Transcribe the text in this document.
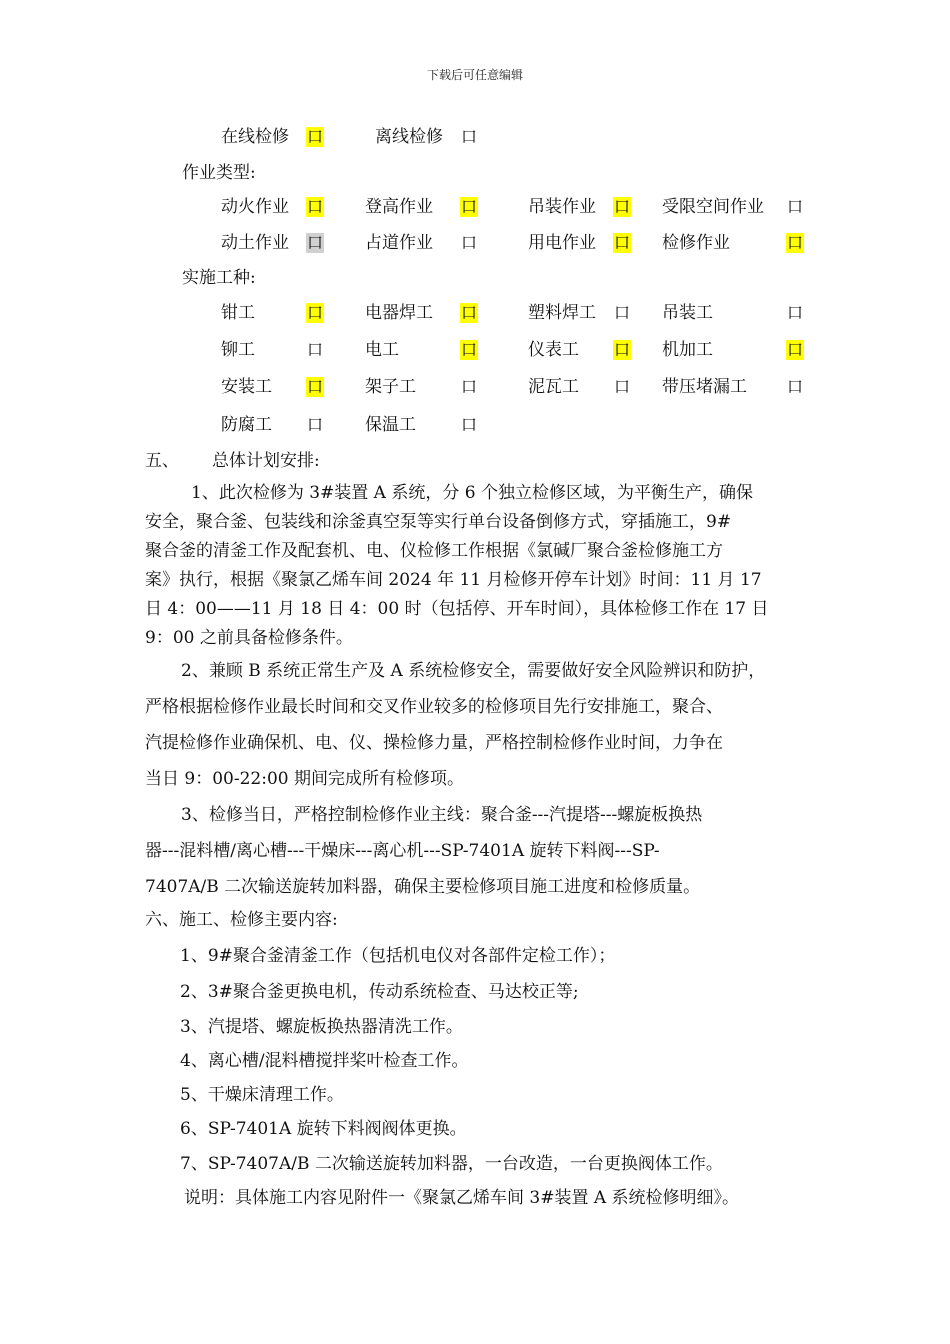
下载后可任意编辑
在线检修 口	离线检修 口
作业类型:
动火作业 口 登高作业 口	吊装作业 口 受限空间作业 口
动土作业 口 占道作业 口	用电作业 口 检修作业	口
实施工种:
钳工	口 电器焊工 口	塑料焊工 口 吊装工	口
铆工	口 电工	口	仪表工 口 机加工	口
安装工 口 架子工	口	泥瓦工 口 带压堵漏工 口
防腐工 口 保温工	口
五、 总体计划安排:
1、此次检修为 3#装置 A 系统，分 6 个独立检修区域，为平衡生产，确保
安全，聚合釜、包装线和涂釜真空泵等实行单台设备倒修方式，穿插施工，9#
聚合釜的清釜工作及配套机、电、仪检修工作根据《氯碱厂聚合釜检修施工方
案》执行，根据《聚氯乙烯车间 2024 年 11 月检修开停车计划》时间：11 月 17
日 4：00——11 月 18 日 4：00 时（包括停、开车时间），具体检修工作在 17 日
9：00 之前具备检修条件。
2、兼顾 B 系统正常生产及 A 系统检修安全，需要做好安全风险辨识和防护，
严格根据检修作业最长时间和交叉作业较多的检修项目先行安排施工，聚合、
汽提检修作业确保机、电、仪、操检修力量，严格控制检修作业时间，力争在
当日 9：00-22:00 期间完成所有检修项。
3、检修当日，严格控制检修作业主线：聚合釜---汽提塔---螺旋板换热
器---混料槽/离心槽---干燥床---离心机---SP-7401A 旋转下料阀---SP-
7407A/B 二次输送旋转加料器，确保主要检修项目施工进度和检修质量。
六、施工、检修主要内容:
1、9#聚合釜清釜工作（包括机电仪对各部件定检工作）；
2、3#聚合釜更换电机，传动系统检查、马达校正等;
3、汽提塔、螺旋板换热器清洗工作。
4、离心槽/混料槽搅拌桨叶检查工作。
5、干燥床清理工作。
6、SP-7401A 旋转下料阀阀体更换。
7、SP-7407A/B 二次输送旋转加料器，一台改造，一台更换阀体工作。
说明：具体施工内容见附件一《聚氯乙烯车间 3#装置 A 系统检修明细》。
